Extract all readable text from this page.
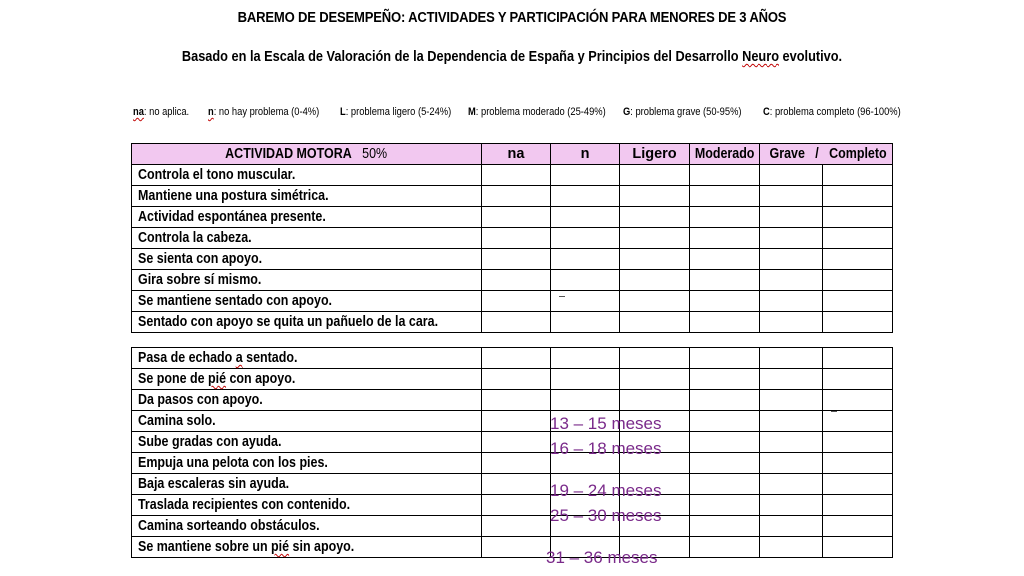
BAREMO DE DESEMPEÑO: ACTIVIDADES Y PARTICIPACIÓN PARA MENORES DE 3 AÑOS
Basado en la Escala de Valoración de la Dependencia de España y Principios del Desarrollo Neuro evolutivo.
na: no aplica. n: no hay problema (0-4%) L: problema ligero (5-24%) M: problema moderado (25-49%) G: problema grave (50-95%) C: problema completo (96-100%)
ACTIVIDAD MOTORA 50%	na	n	Ligero	Moderado	Grave   /   Completo	
Controla el tono muscular.						
Mantiene una postura simétrica.						
Actividad espontánea presente.						
Controla la cabeza.						
Se sienta con apoyo.						
Gira sobre sí mismo.						
Se mantiene sentado con apoyo.						
Sentado con apoyo se quita un pañuelo de la cara.						
Pasa de echado a sentado.						
Se pone de pié con apoyo.						
Da pasos con apoyo.						
Camina solo.						
Sube gradas con ayuda.						
Empuja una pelota con los pies.						
Baja escaleras sin ayuda.						
Traslada recipientes con contenido.						
Camina sorteando obstáculos.						
Se mantiene sobre un pié sin apoyo.						
13 – 15 meses
16 – 18 meses
19 – 24 meses
25 – 30 meses
31 – 36 meses
